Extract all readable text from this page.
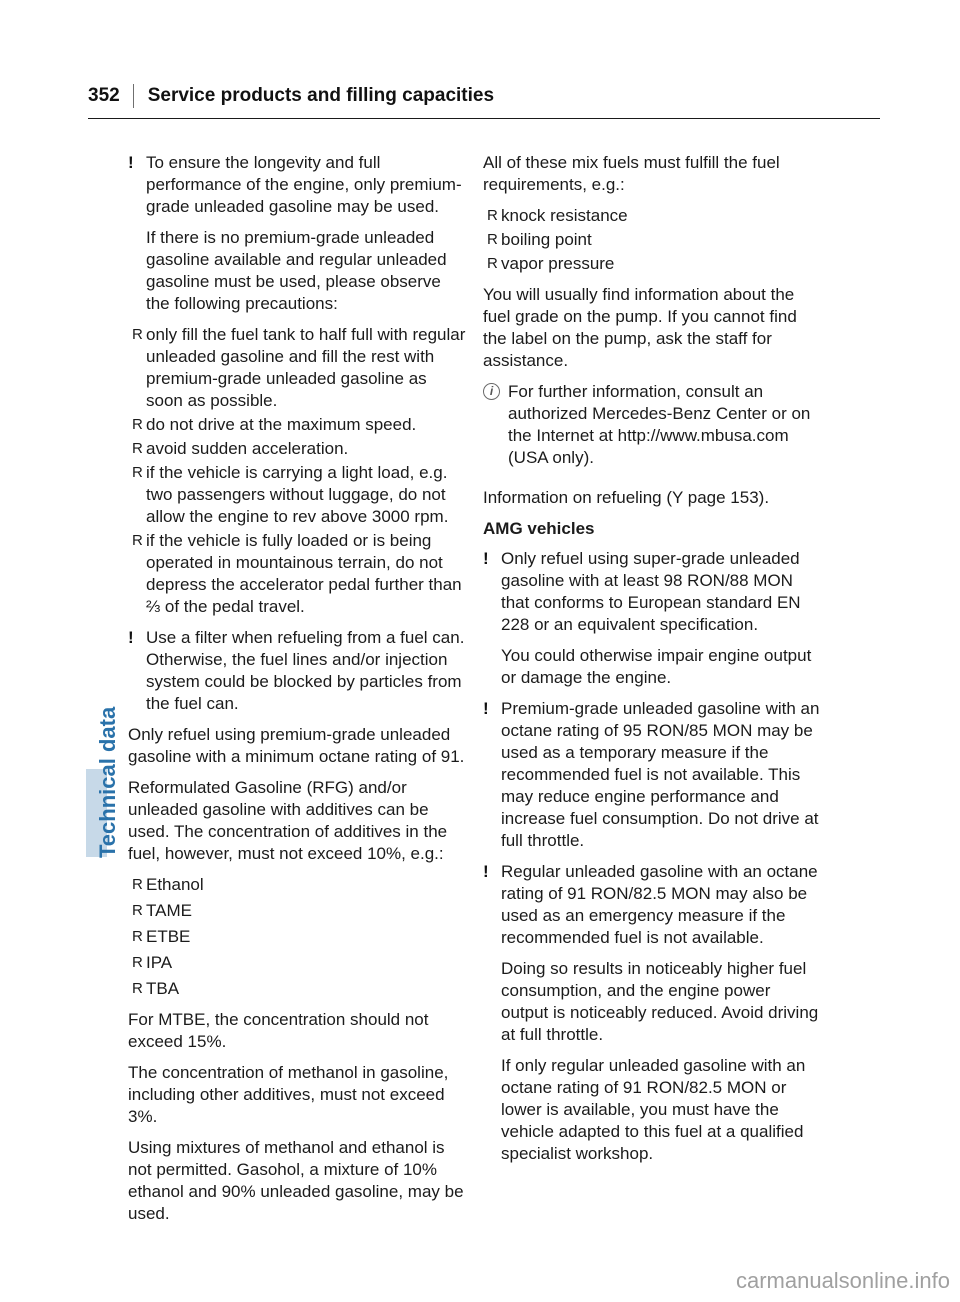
352 Service products and filling capacities
Technical data
! To ensure the longevity and full performance of the engine, only premium-grade unleaded gasoline may be used.

If there is no premium-grade unleaded gasoline available and regular unleaded gasoline must be used, please observe the following precautions:

R only fill the fuel tank to half full with regular unleaded gasoline and fill the rest with premium-grade unleaded gasoline as soon as possible.
R do not drive at the maximum speed.
R avoid sudden acceleration.
R if the vehicle is carrying a light load, e.g. two passengers without luggage, do not allow the engine to rev above 3000 rpm.
R if the vehicle is fully loaded or is being operated in mountainous terrain, do not depress the accelerator pedal further than ⅔ of the pedal travel.
! Use a filter when refueling from a fuel can. Otherwise, the fuel lines and/or injection system could be blocked by particles from the fuel can.

Only refuel using premium-grade unleaded gasoline with a minimum octane rating of 91.

Reformulated Gasoline (RFG) and/or unleaded gasoline with additives can be used. The concentration of additives in the fuel, however, must not exceed 10%, e.g.:

R Ethanol
R TAME
R ETBE
R IPA
R TBA

For MTBE, the concentration should not exceed 15%.

The concentration of methanol in gasoline, including other additives, must not exceed 3%.

Using mixtures of methanol and ethanol is not permitted. Gasohol, a mixture of 10% ethanol and 90% unleaded gasoline, may be used.

All of these mix fuels must fulfill the fuel requirements, e.g.:

R knock resistance
R boiling point
R vapor pressure

You will usually find information about the fuel grade on the pump. If you cannot find the label on the pump, ask the staff for assistance.

i For further information, consult an authorized Mercedes-Benz Center or on the Internet at http://www.mbusa.com (USA only).

Information on refueling (Y page 153).

AMG vehicles
! Only refuel using super-grade unleaded gasoline with at least 98 RON/88 MON that conforms to European standard EN 228 or an equivalent specification.

You could otherwise impair engine output or damage the engine.

! Premium-grade unleaded gasoline with an octane rating of 95 RON/85 MON may be used as a temporary measure if the recommended fuel is not available. This may reduce engine performance and increase fuel consumption. Do not drive at full throttle.

! Regular unleaded gasoline with an octane rating of 91 RON/82.5 MON may also be used as an emergency measure if the recommended fuel is not available.

Doing so results in noticeably higher fuel consumption, and the engine power output is noticeably reduced. Avoid driving at full throttle.

If only regular unleaded gasoline with an octane rating of 91 RON/82.5 MON or lower is available, you must have the vehicle adapted to this fuel at a qualified specialist workshop.

carmanualsonline.info
